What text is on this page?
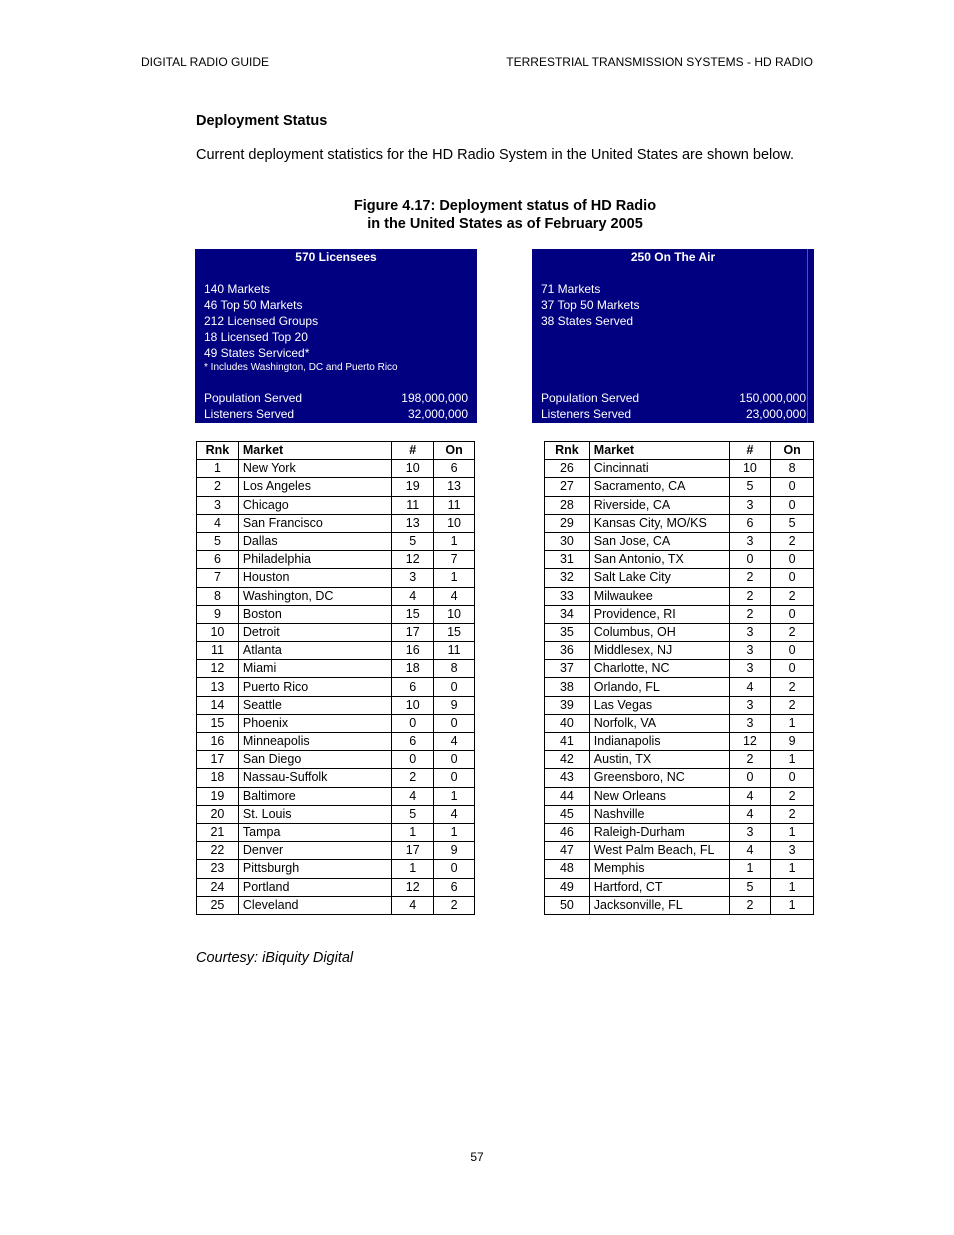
DIGITAL RADIO GUIDE	TERRESTRIAL TRANSMISSION SYSTEMS - HD RADIO
Deployment Status
Current deployment statistics for the HD Radio System in the United States are shown below.
Figure 4.17: Deployment status of HD Radio
in the United States as of February 2005
570 Licensees
140 Markets
46 Top 50 Markets
212 Licensed Groups
18 Licensed Top 20
49 States Serviced*
* Includes Washington, DC and Puerto Rico
Population Served	198,000,000
Listeners Served	32,000,000
250 On The Air
71 Markets
37 Top 50 Markets
38 States Served
Population Served	150,000,000
Listeners Served	23,000,000
Rnk	Market	#	On
1	New York	10	6
2	Los Angeles	19	13
3	Chicago	11	11
4	San Francisco	13	10
5	Dallas	5	1
6	Philadelphia	12	7
7	Houston	3	1
8	Washington, DC	4	4
9	Boston	15	10
10	Detroit	17	15
11	Atlanta	16	11
12	Miami	18	8
13	Puerto Rico	6	0
14	Seattle	10	9
15	Phoenix	0	0
16	Minneapolis	6	4
17	San Diego	0	0
18	Nassau-Suffolk	2	0
19	Baltimore	4	1
20	St. Louis	5	4
21	Tampa	1	1
22	Denver	17	9
23	Pittsburgh	1	0
24	Portland	12	6
25	Cleveland	4	2
Rnk	Market	#	On
26	Cincinnati	10	8
27	Sacramento, CA	5	0
28	Riverside, CA	3	0
29	Kansas City, MO/KS	6	5
30	San Jose, CA	3	2
31	San Antonio, TX	0	0
32	Salt Lake City	2	0
33	Milwaukee	2	2
34	Providence, RI	2	0
35	Columbus, OH	3	2
36	Middlesex, NJ	3	0
37	Charlotte, NC	3	0
38	Orlando, FL	4	2
39	Las Vegas	3	2
40	Norfolk, VA	3	1
41	Indianapolis	12	9
42	Austin, TX	2	1
43	Greensboro, NC	0	0
44	New Orleans	4	2
45	Nashville	4	2
46	Raleigh-Durham	3	1
47	West Palm Beach, FL	4	3
48	Memphis	1	1
49	Hartford, CT	5	1
50	Jacksonville, FL	2	1
Courtesy: iBiquity Digital
57
